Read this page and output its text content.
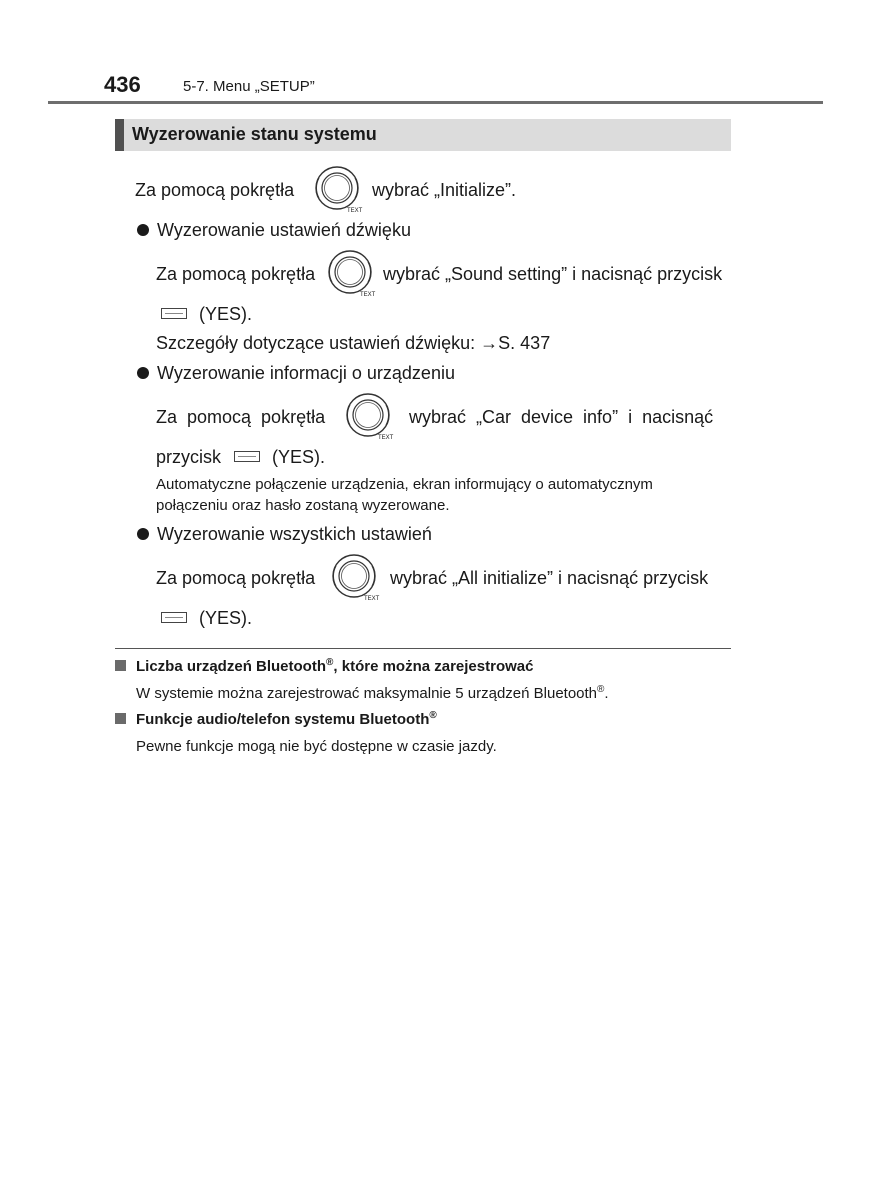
436	5-7. Menu „SETUP”
Wyzerowanie stanu systemu
Za pomocą pokrętła
TEXT
wybrać „Initialize”.
Wyzerowanie ustawień dźwięku
Za pomocą pokrętła
TEXT
wybrać „Sound setting” i nacisnąć przycisk
(YES).
Szczegóły dotyczące ustawień dźwięku: →S. 437
Wyzerowanie informacji o urządzeniu
Za  pomocą  pokrętła
TEXT
wybrać  „Car  device  info”  i  nacisnąć
przycisk	(YES).
Automatyczne połączenie urządzenia, ekran informujący o automatycznym
połączeniu oraz hasło zostaną wyzerowane.
Wyzerowanie wszystkich ustawień
Za pomocą pokrętła
TEXT
wybrać „All initialize” i nacisnąć przycisk
(YES).
Liczba urządzeń Bluetooth®, które można zarejestrować
W systemie można zarejestrować maksymalnie 5 urządzeń Bluetooth®.
Funkcje audio/telefon systemu Bluetooth®
Pewne funkcje mogą nie być dostępne w czasie jazdy.
